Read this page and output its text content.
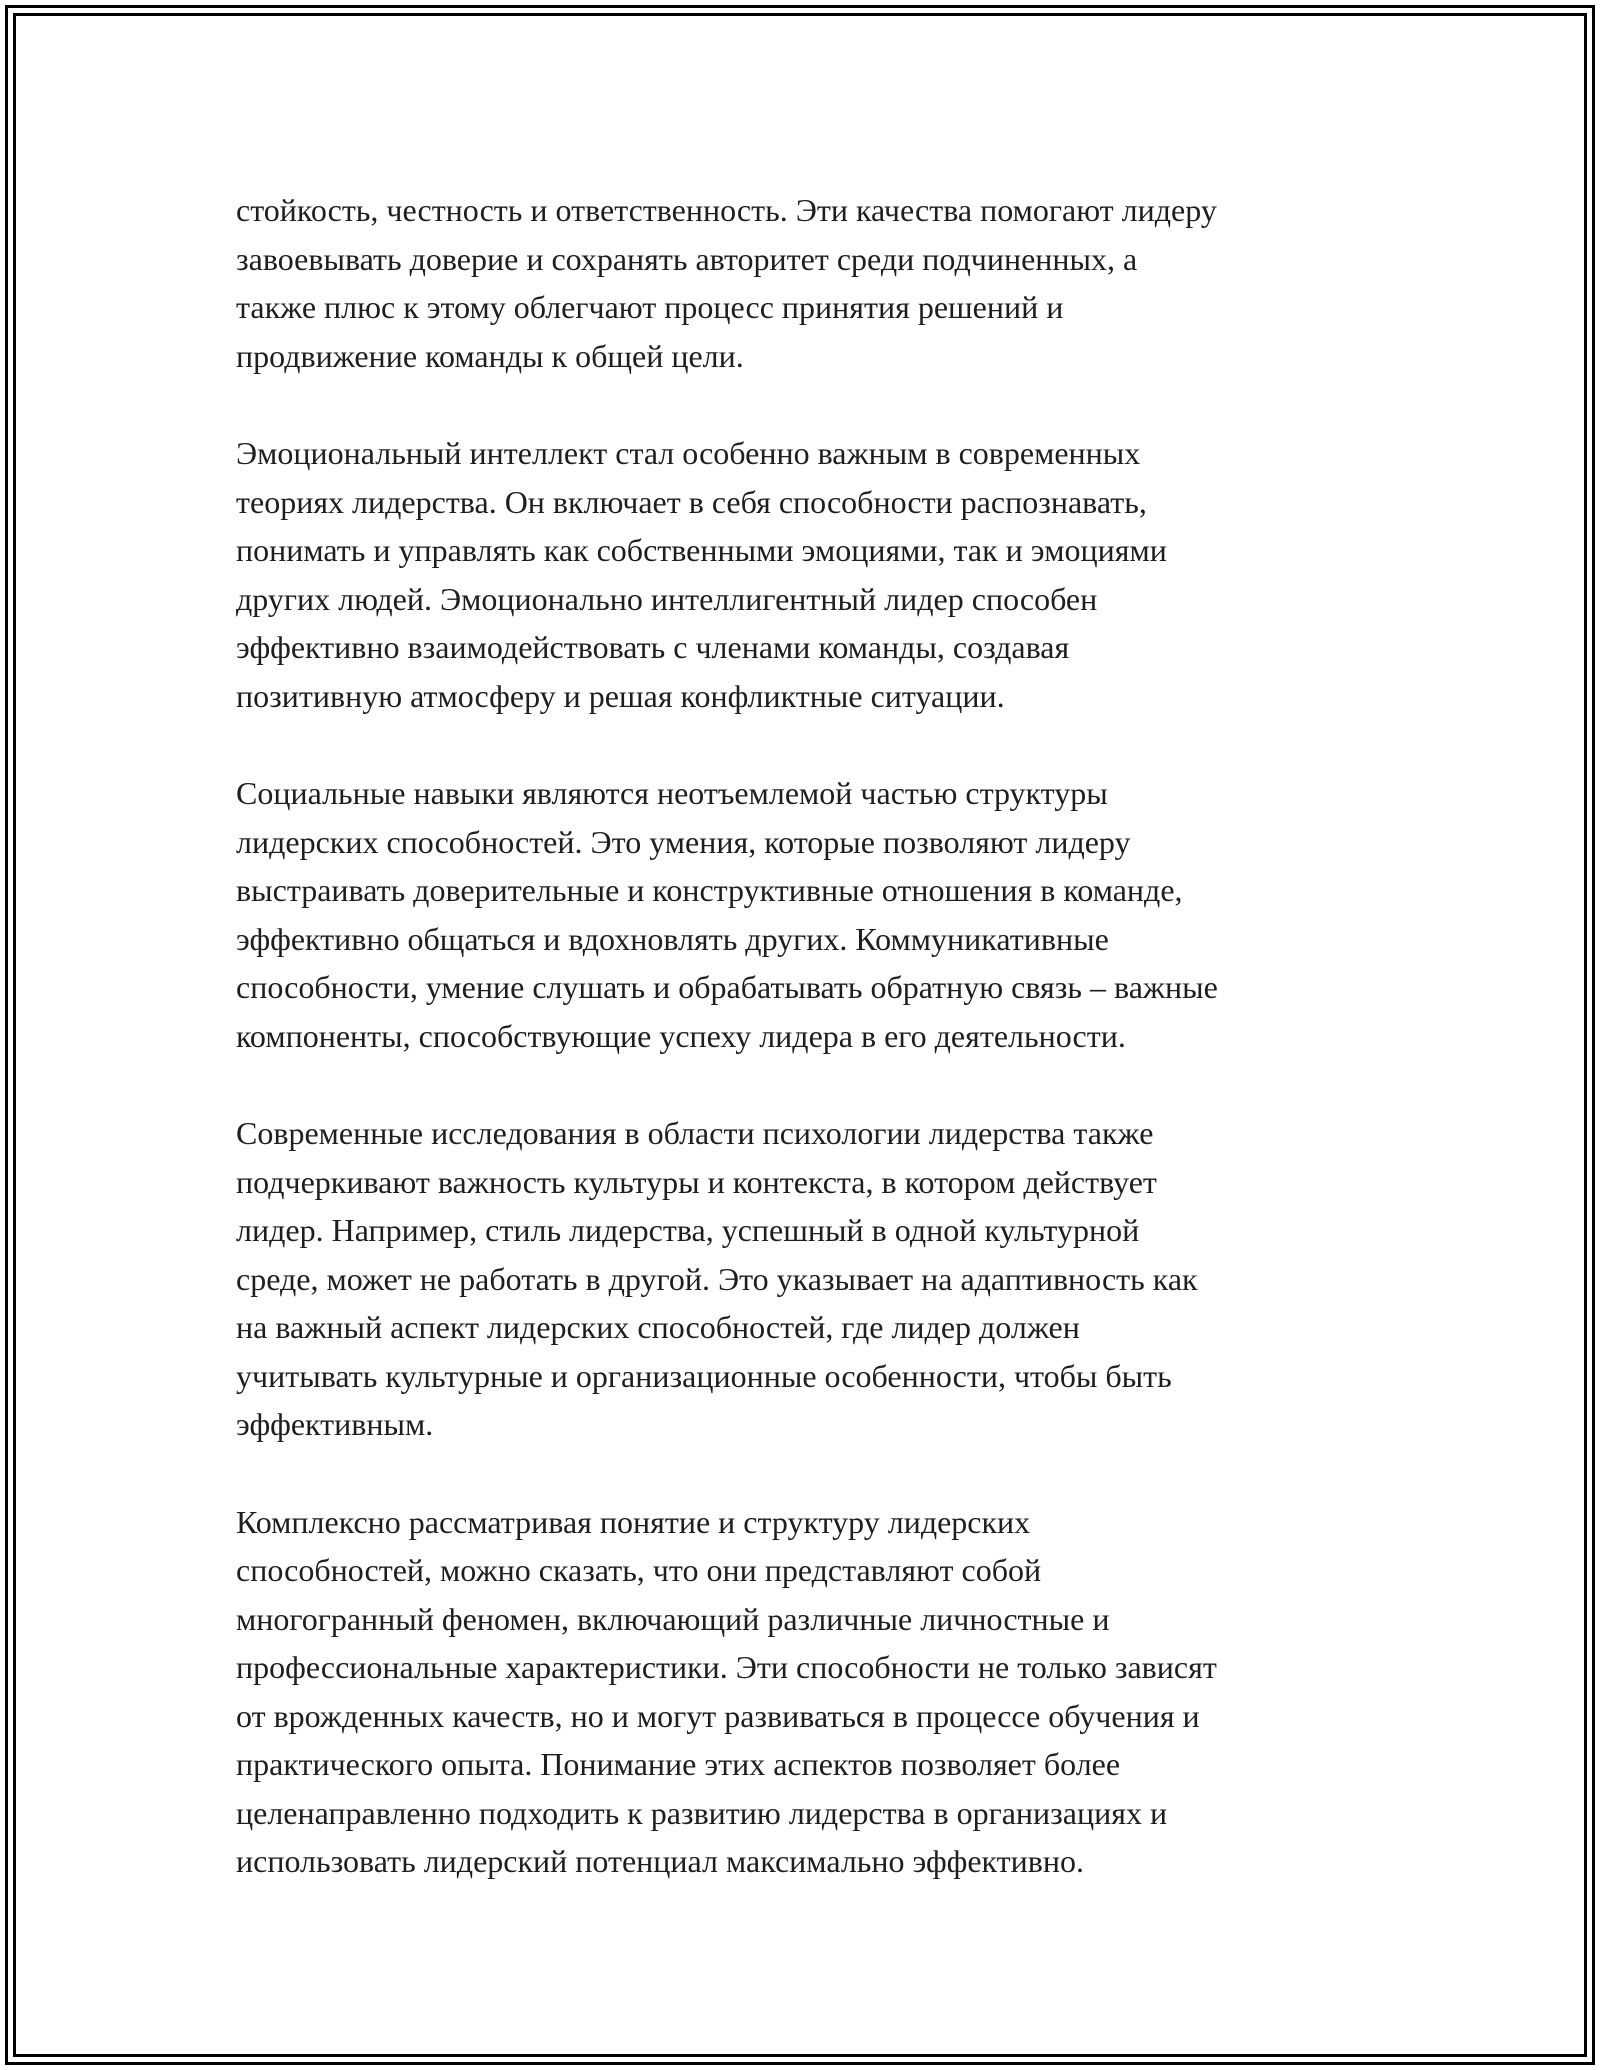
стойкость, честность и ответственность. Эти качества помогают лидеру
завоевывать доверие и сохранять авторитет среди подчиненных, а
также плюс к этому облегчают процесс принятия решений и
продвижение команды к общей цели.

Эмоциональный интеллект стал особенно важным в современных
теориях лидерства. Он включает в себя способности распознавать,
понимать и управлять как собственными эмоциями, так и эмоциями
других людей. Эмоционально интеллигентный лидер способен
эффективно взаимодействовать с членами команды, создавая
позитивную атмосферу и решая конфликтные ситуации.

Социальные навыки являются неотъемлемой частью структуры
лидерских способностей. Это умения, которые позволяют лидеру
выстраивать доверительные и конструктивные отношения в команде,
эффективно общаться и вдохновлять других. Коммуникативные
способности, умение слушать и обрабатывать обратную связь – важные
компоненты, способствующие успеху лидера в его деятельности.

Современные исследования в области психологии лидерства также
подчеркивают важность культуры и контекста, в котором действует
лидер. Например, стиль лидерства, успешный в одной культурной
среде, может не работать в другой. Это указывает на адаптивность как
на важный аспект лидерских способностей, где лидер должен
учитывать культурные и организационные особенности, чтобы быть
эффективным.

Комплексно рассматривая понятие и структуру лидерских
способностей, можно сказать, что они представляют собой
многогранный феномен, включающий различные личностные и
профессиональные характеристики. Эти способности не только зависят
от врожденных качеств, но и могут развиваться в процессе обучения и
практического опыта. Понимание этих аспектов позволяет более
целенаправленно подходить к развитию лидерства в организациях и
использовать лидерский потенциал максимально эффективно.
